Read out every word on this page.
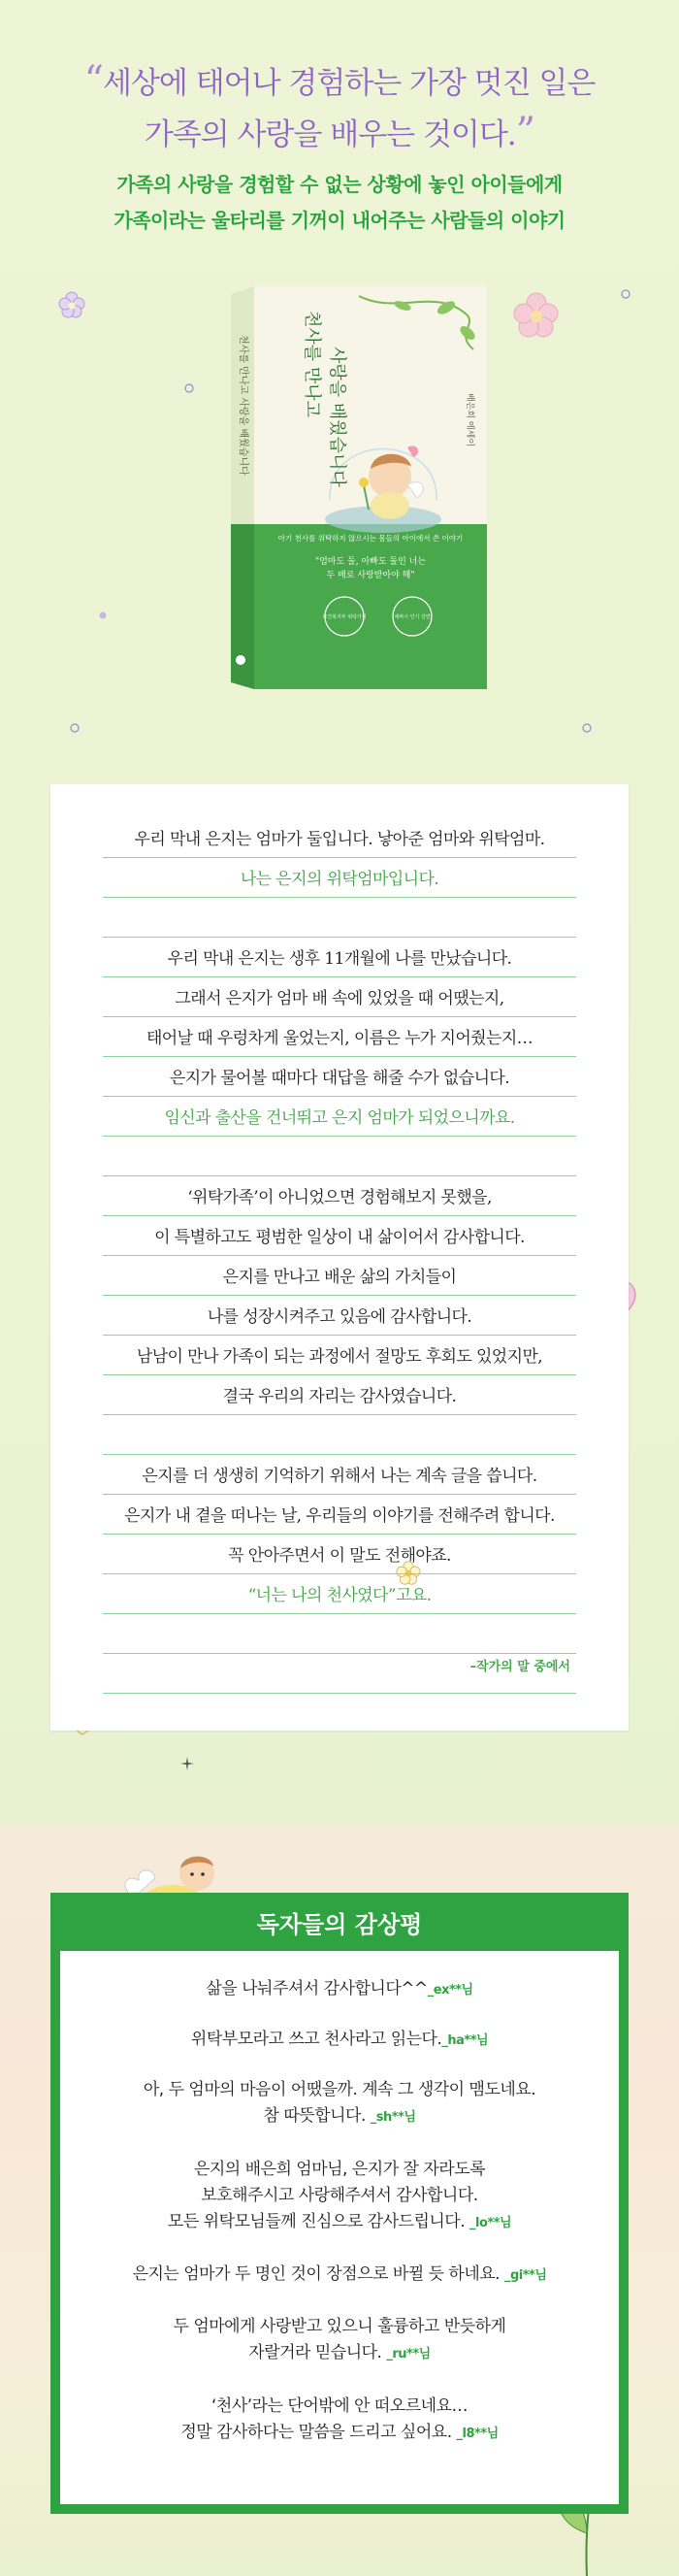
“세상에 태어나 경험하는 가장 멋진 일은
가족의 사랑을 배우는 것이다.”
가족의 사랑을 경험할 수 없는 상황에 놓인 아이들에게
가족이라는 울타리를 기꺼이 내어주는 사람들의 이야기
천사를 만나고 사랑을 배웠습니다
천사를 만나고 사랑을 배웠습니다	배은희 에세이
아기 천사를 위탁하지 않으시는 몸들의 아이에서 쓴 이야기
"엄마도 둘, 아빠도 둘인 너는
두 배로 사랑받아야 해"
보건복지부 위탁가정	세바시 인기 강연
우리 막내 은지는 엄마가 둘입니다. 낳아준 엄마와 위탁엄마.
나는 은지의 위탁엄마입니다.
우리 막내 은지는 생후 11개월에 나를 만났습니다.
그래서 은지가 엄마 배 속에 있었을 때 어땠는지,
태어날 때 우렁차게 울었는지, 이름은 누가 지어줬는지…
은지가 물어볼 때마다 대답을 해줄 수가 없습니다.
임신과 출산을 건너뛰고 은지 엄마가 되었으니까요.
‘위탁가족’이 아니었으면 경험해보지 못했을,
이 특별하고도 평범한 일상이 내 삶이어서 감사합니다.
은지를 만나고 배운 삶의 가치들이
나를 성장시켜주고 있음에 감사합니다.
남남이 만나 가족이 되는 과정에서 절망도 후회도 있었지만,
결국 우리의 자리는 감사였습니다.
은지를 더 생생히 기억하기 위해서 나는 계속 글을 씁니다.
은지가 내 곁을 떠나는 날, 우리들의 이야기를 전해주려 합니다.
꼭 안아주면서 이 말도 전해야죠.
“너는 나의 천사였다”고요.
–작가의 말 중에서
독자들의 감상평
삶을 나눠주셔서 감사합니다^^_ex**님
위탁부모라고 쓰고 천사라고 읽는다._ha**님
아, 두 엄마의 마음이 어땠을까. 계속 그 생각이 맴도네요.
참 따뜻합니다. _sh**님
은지의 배은희 엄마님, 은지가 잘 자라도록
보호해주시고 사랑해주셔서 감사합니다.
모든 위탁모님들께 진심으로 감사드립니다. _lo**님
은지는 엄마가 두 명인 것이 장점으로 바뀔 듯 하네요. _gi**님
두 엄마에게 사랑받고 있으니 훌륭하고 반듯하게
자랄거라 믿습니다. _ru**님
‘천사’라는 단어밖에 안 떠오르네요…
정말 감사하다는 말씀을 드리고 싶어요. _l8**님
